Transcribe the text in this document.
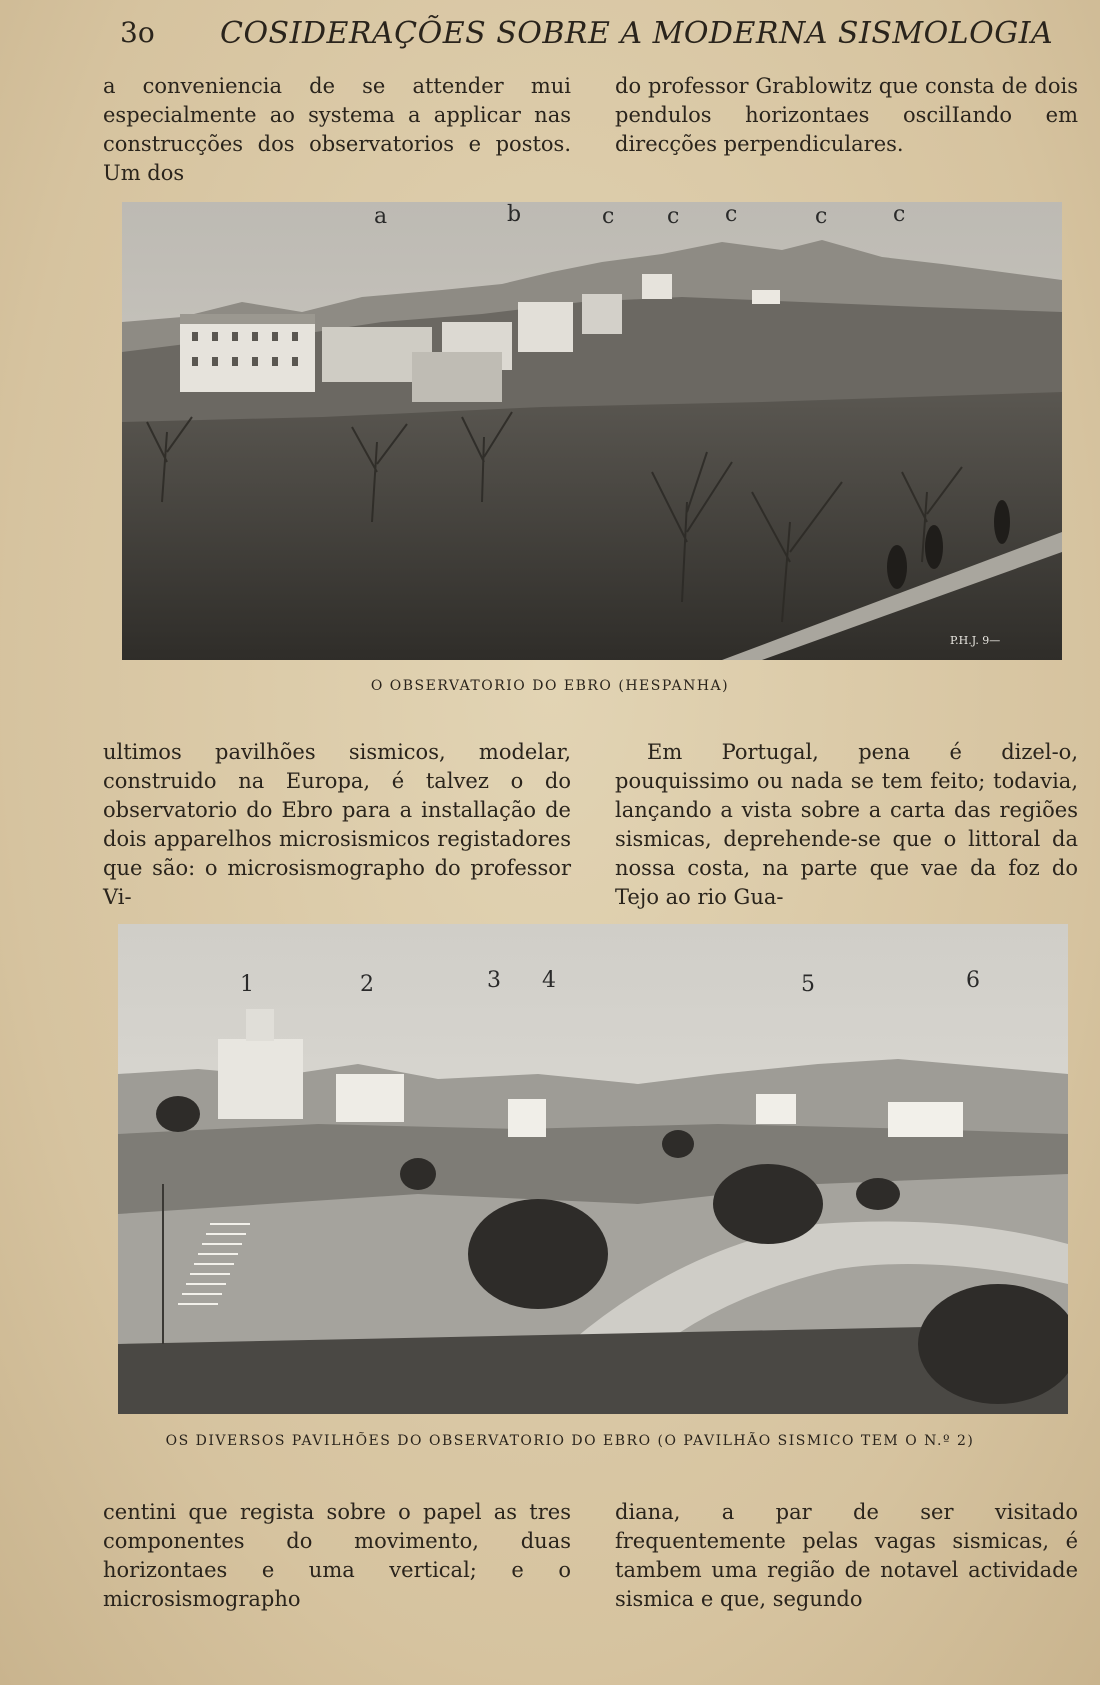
3o COSIDERAÇÕES SOBRE A MODERNA SISMOLOGIA

a conveniencia de se attender mui especialmente ao systema a applicar nas construcções dos observatorios e postos. Um dos

do professor Grablowitz que consta de dois pendulos horizontaes oscilIando em direcções perpendiculares.

a	b	c c c	c	c
P.H.J. 9—
O OBSERVATORIO DO EBRO (HESPANHA)

ultimos pavilhões sismicos, modelar, construido na Europa, é talvez o do observatorio do Ebro para a installação de dois apparelhos microsismicos registadores que são: o microsismographo do professor Vi-

Em Portugal, pena é dizel-o, pouquissimo ou nada se tem feito; todavia, lançando a vista sobre a carta das regiões sismicas, deprehende-se que o littoral da nossa costa, na parte que vae da foz do Tejo ao rio Gua-

1	2	3 4	5	6
OS DIVERSOS PAVILHÕES DO OBSERVATORIO DO EBRO (O PAVILHÃO SISMICO TEM O N.º 2)

centini que regista sobre o papel as tres componentes do movimento, duas horizontaes e uma vertical; e o microsismographo

diana, a par de ser visitado frequentemente pelas vagas sismicas, é tambem uma região de notavel actividade sismica e que, segundo
